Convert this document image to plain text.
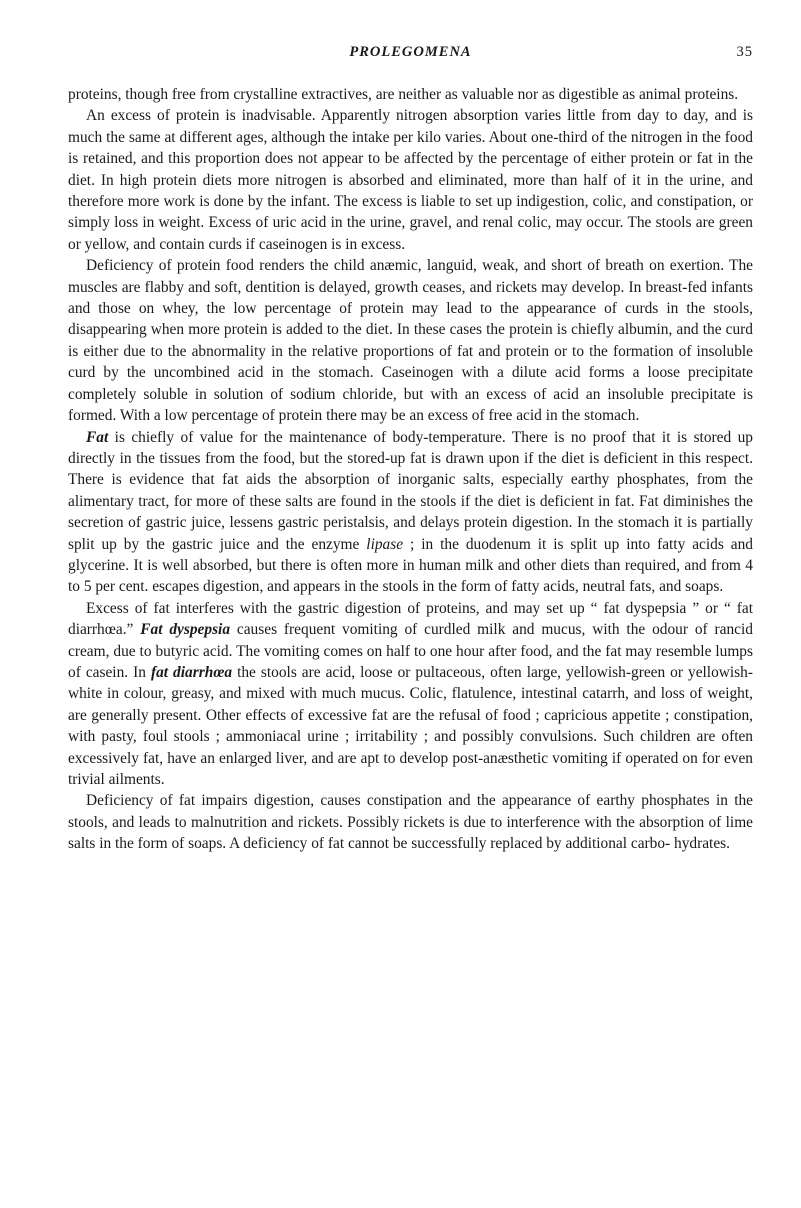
PROLEGOMENA	35

proteins, though free from crystalline extractives, are neither as valuable nor as digestible as animal proteins.

An excess of protein is inadvisable. Apparently nitrogen absorption varies little from day to day, and is much the same at different ages, although the intake per kilo varies. About one-third of the nitrogen in the food is retained, and this proportion does not appear to be affected by the percentage of either protein or fat in the diet. In high protein diets more nitrogen is absorbed and eliminated, more than half of it in the urine, and therefore more work is done by the infant. The excess is liable to set up indigestion, colic, and constipation, or simply loss in weight. Excess of uric acid in the urine, gravel, and renal colic, may occur. The stools are green or yellow, and contain curds if caseinogen is in excess.

Deficiency of protein food renders the child anæmic, languid, weak, and short of breath on exertion. The muscles are flabby and soft, dentition is delayed, growth ceases, and rickets may develop. In breast-fed infants and those on whey, the low percentage of protein may lead to the appearance of curds in the stools, disappearing when more protein is added to the diet. In these cases the protein is chiefly albumin, and the curd is either due to the abnormality in the relative proportions of fat and protein or to the formation of insoluble curd by the uncombined acid in the stomach. Caseinogen with a dilute acid forms a loose precipitate completely soluble in solution of sodium chloride, but with an excess of acid an insoluble precipitate is formed. With a low percentage of protein there may be an excess of free acid in the stomach.

Fat is chiefly of value for the maintenance of body-temperature. There is no proof that it is stored up directly in the tissues from the food, but the stored-up fat is drawn upon if the diet is deficient in this respect. There is evidence that fat aids the absorption of inorganic salts, especially earthy phosphates, from the alimentary tract, for more of these salts are found in the stools if the diet is deficient in fat. Fat diminishes the secretion of gastric juice, lessens gastric peristalsis, and delays protein digestion. In the stomach it is partially split up by the gastric juice and the enzyme lipase ; in the duodenum it is split up into fatty acids and glycerine. It is well absorbed, but there is often more in human milk and other diets than required, and from 4 to 5 per cent. escapes digestion, and appears in the stools in the form of fatty acids, neutral fats, and soaps.

Excess of fat interferes with the gastric digestion of proteins, and may set up “ fat dyspepsia ” or “ fat diarrhœa.” Fat dyspepsia causes frequent vomiting of curdled milk and mucus, with the odour of rancid cream, due to butyric acid. The vomiting comes on half to one hour after food, and the fat may resemble lumps of casein. In fat diarrhœa the stools are acid, loose or pultaceous, often large, yellowish-green or yellowish-white in colour, greasy, and mixed with much mucus. Colic, flatulence, intestinal catarrh, and loss of weight, are generally present. Other effects of excessive fat are the refusal of food ; capricious appetite ; constipation, with pasty, foul stools ; ammoniacal urine ; irritability ; and possibly convulsions. Such children are often excessively fat, have an enlarged liver, and are apt to develop post-anæsthetic vomiting if operated on for even trivial ailments.

Deficiency of fat impairs digestion, causes constipation and the appearance of earthy phosphates in the stools, and leads to malnutrition and rickets. Possibly rickets is due to interference with the absorption of lime salts in the form of soaps. A deficiency of fat cannot be successfully replaced by additional carbo- hydrates.
